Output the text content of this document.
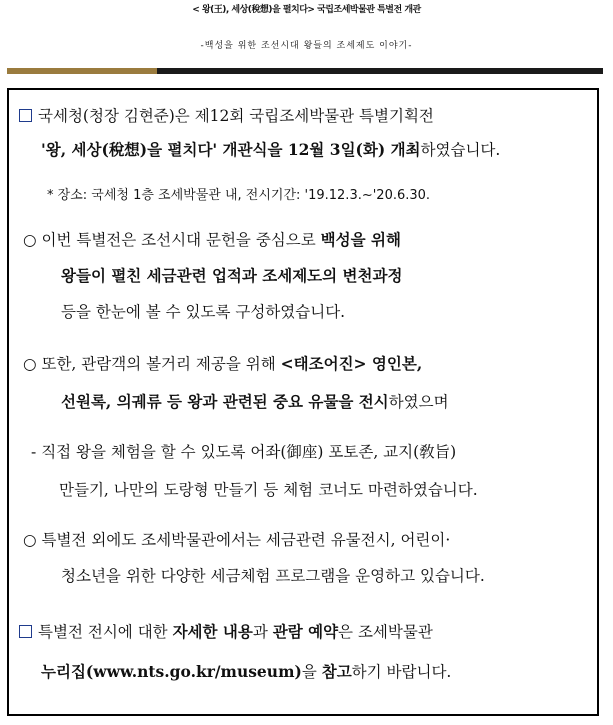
< 왕(王), 세상(稅想)을 펼치다> 국립조세박물관 특별전 개관
-백성을 위한 조선시대 왕들의 조세제도 이야기-
국세청(청장 김현준)은 제12회 국립조세박물관 특별기획전
'왕, 세상(稅想)을 펼치다' 개관식을 12월 3일(화) 개최하였습니다.
* 장소: 국세청 1층 조세박물관 내, 전시기간: '19.12.3.~'20.6.30.
○ 이번 특별전은 조선시대 문헌을 중심으로 백성을 위해
왕들이 펼친 세금관련 업적과 조세제도의 변천과정
등을 한눈에 볼 수 있도록 구성하였습니다.
○ 또한, 관람객의 볼거리 제공을 위해 <태조어진> 영인본,
선원록, 의궤류 등 왕과 관련된 중요 유물을 전시하였으며
- 직접 왕을 체험을 할 수 있도록 어좌(御座) 포토존, 교지(敎旨)
만들기, 나만의 도랑형 만들기 등 체험 코너도 마련하였습니다.
○ 특별전 외에도 조세박물관에서는 세금관련 유물전시, 어린이·
청소년을 위한 다양한 세금체험 프로그램을 운영하고 있습니다.
특별전 전시에 대한 자세한 내용과 관람 예약은 조세박물관
누리집(www.nts.go.kr/museum)을 참고하기 바랍니다.
